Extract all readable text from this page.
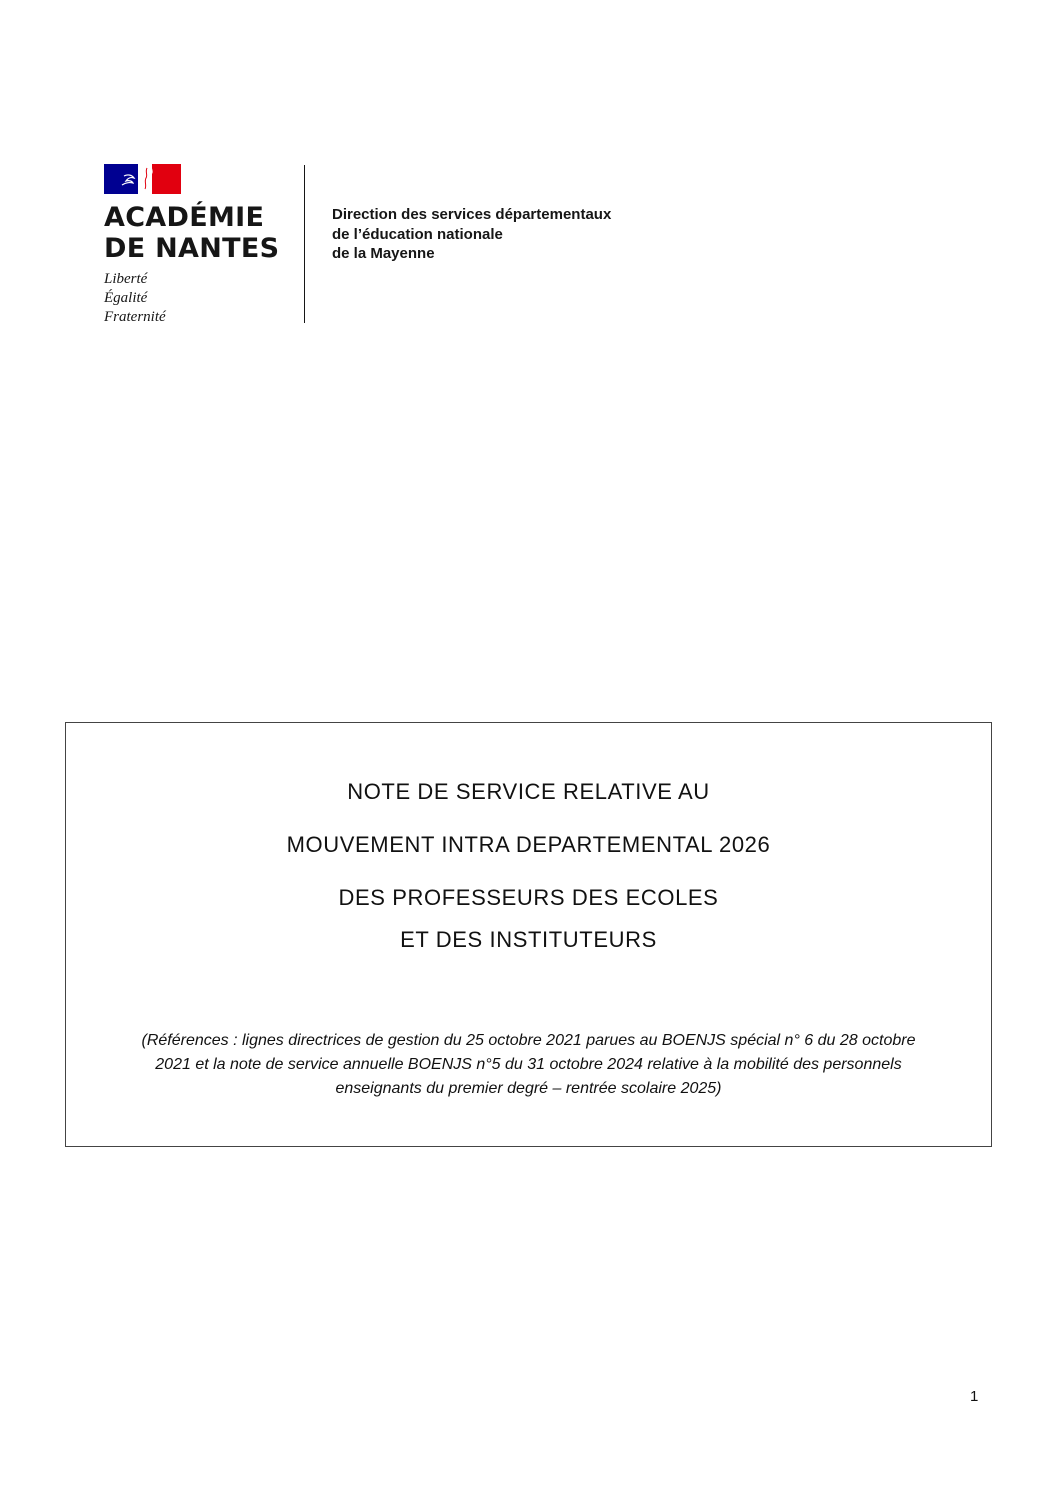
ACADÉMIE
DE NANTES
Liberté
Égalité
Fraternité
Direction des services départementaux
de l’éducation nationale
de la Mayenne
NOTE DE SERVICE RELATIVE AU
MOUVEMENT INTRA DEPARTEMENTAL 2026
DES PROFESSEURS DES ECOLES
ET DES INSTITUTEURS
(Références : lignes directrices de gestion du 25 octobre 2021 parues au BOENJS spécial n° 6 du 28 octobre
2021 et la note de service annuelle BOENJS n°5 du 31 octobre 2024 relative à la mobilité des personnels
enseignants du premier degré – rentrée scolaire 2025)
1
